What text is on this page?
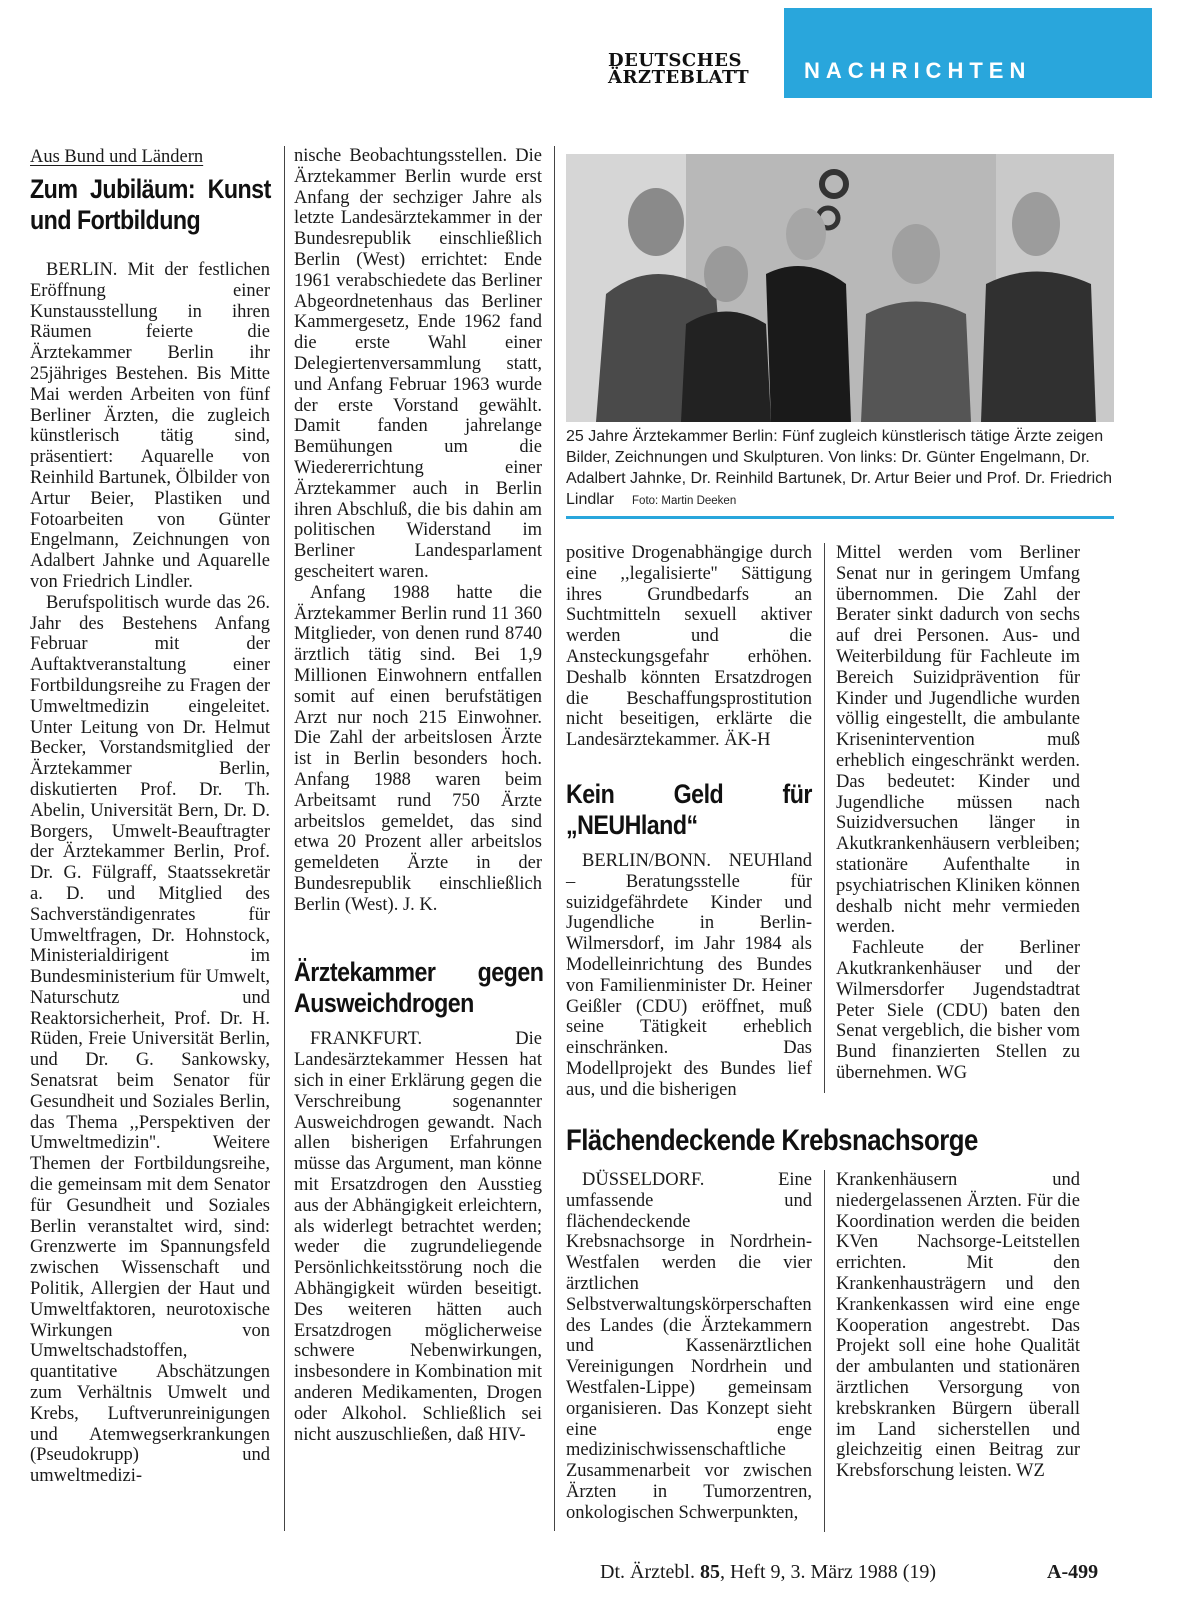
DEUTSCHES
ÄRZTEBLATT	NACHRICHTEN
Aus Bund und Ländern
Zum Jubiläum: Kunst und Fortbildung

BERLIN. Mit der festlichen Eröffnung einer Kunstausstellung in ihren Räumen feierte die Ärztekammer Berlin ihr 25jähriges Bestehen. Bis Mitte Mai werden Arbeiten von fünf Berliner Ärzten, die zugleich künstlerisch tätig sind, präsentiert: Aquarelle von Reinhild Bartunek, Ölbilder von Artur Beier, Plastiken und Fotoarbeiten von Günter Engelmann, Zeichnungen von Adalbert Jahnke und Aquarelle von Friedrich Lindler.

Berufspolitisch wurde das 26. Jahr des Bestehens Anfang Februar mit der Auftaktveranstaltung einer Fortbildungsreihe zu Fragen der Umweltmedizin eingeleitet. Unter Leitung von Dr. Helmut Becker, Vorstandsmitglied der Ärztekammer Berlin, diskutierten Prof. Dr. Th. Abelin, Universität Bern, Dr. D. Borgers, Umwelt-Beauftragter der Ärztekammer Berlin, Prof. Dr. G. Fülgraff, Staatssekretär a. D. und Mitglied des Sachverständigenrates für Umweltfragen, Dr. Hohnstock, Ministerialdirigent im Bundesministerium für Umwelt, Naturschutz und Reaktorsicherheit, Prof. Dr. H. Rüden, Freie Universität Berlin, und Dr. G. Sankowsky, Senatsrat beim Senator für Gesundheit und Soziales Berlin, das Thema ,,Perspektiven der Umweltmedizin''. Weitere Themen der Fortbildungsreihe, die gemeinsam mit dem Senator für Gesundheit und Soziales Berlin veranstaltet wird, sind: Grenzwerte im Spannungsfeld zwischen Wissenschaft und Politik, Allergien der Haut und Umweltfaktoren, neurotoxische Wirkungen von Umweltschadstoffen, quantitative Abschätzungen zum Verhältnis Umwelt und Krebs, Luftverunreinigungen und Atemwegserkrankungen (Pseudokrupp) und umweltmedizi-

nische Beobachtungsstellen. Die Ärztekammer Berlin wurde erst Anfang der sechziger Jahre als letzte Landesärztekammer in der Bundesrepublik einschließlich Berlin (West) errichtet: Ende 1961 verabschiedete das Berliner Abgeordnetenhaus das Berliner Kammergesetz, Ende 1962 fand die erste Wahl einer Delegiertenversammlung statt, und Anfang Februar 1963 wurde der erste Vorstand gewählt. Damit fanden jahrelange Bemühungen um die Wiedererrichtung einer Ärztekammer auch in Berlin ihren Abschluß, die bis dahin am politischen Widerstand im Berliner Landesparlament gescheitert waren.

Anfang 1988 hatte die Ärztekammer Berlin rund 11 360 Mitglieder, von denen rund 8740 ärztlich tätig sind. Bei 1,9 Millionen Einwohnern entfallen somit auf einen berufstätigen Arzt nur noch 215 Einwohner. Die Zahl der arbeitslosen Ärzte ist in Berlin besonders hoch. Anfang 1988 waren beim Arbeitsamt rund 750 Ärzte arbeitslos gemeldet, das sind etwa 20 Prozent aller arbeitslos gemeldeten Ärzte in der Bundesrepublik einschließlich Berlin (West). J. K.

Ärztekammer gegen Ausweichdrogen

FRANKFURT. Die Landesärztekammer Hessen hat sich in einer Erklärung gegen die Verschreibung sogenannter Ausweichdrogen gewandt. Nach allen bisherigen Erfahrungen müsse das Argument, man könne mit Ersatzdrogen den Ausstieg aus der Abhängigkeit erleichtern, als widerlegt betrachtet werden; weder die zugrundeliegende Persönlichkeitsstörung noch die Abhängigkeit würden beseitigt. Des weiteren hätten auch Ersatzdrogen möglicherweise schwere Nebenwirkungen, insbesondere in Kombination mit anderen Medikamenten, Drogen oder Alkohol. Schließlich sei nicht auszuschließen, daß HIV-

25 Jahre Ärztekammer Berlin: Fünf zugleich künstlerisch tätige Ärzte zeigen Bilder, Zeichnungen und Skulpturen. Von links: Dr. Günter Engelmann, Dr. Adalbert Jahnke, Dr. Reinhild Bartunek, Dr. Artur Beier und Prof. Dr. Friedrich Lindlar Foto: Martin Deeken

positive Drogenabhängige durch eine ,,legalisierte'' Sättigung ihres Grundbedarfs an Suchtmitteln sexuell aktiver werden und die Ansteckungsgefahr erhöhen. Deshalb könnten Ersatzdrogen die Beschaffungsprostitution nicht beseitigen, erklärte die Landesärztekammer. ÄK-H

Kein Geld für „NEUHland“

BERLIN/BONN. NEUHland – Beratungsstelle für suizidgefährdete Kinder und Jugendliche in Berlin-Wilmersdorf, im Jahr 1984 als Modelleinrichtung des Bundes von Familienminister Dr. Heiner Geißler (CDU) eröffnet, muß seine Tätigkeit erheblich einschränken. Das Modellprojekt des Bundes lief aus, und die bisherigen

Mittel werden vom Berliner Senat nur in geringem Umfang übernommen. Die Zahl der Berater sinkt dadurch von sechs auf drei Personen. Aus- und Weiterbildung für Fachleute im Bereich Suizidprävention für Kinder und Jugendliche wurden völlig eingestellt, die ambulante Krisenintervention muß erheblich eingeschränkt werden. Das bedeutet: Kinder und Jugendliche müssen nach Suizidversuchen länger in Akutkrankenhäusern verbleiben; stationäre Aufenthalte in psychiatrischen Kliniken können deshalb nicht mehr vermieden werden.

Fachleute der Berliner Akutkrankenhäuser und der Wilmersdorfer Jugendstadtrat Peter Siele (CDU) baten den Senat vergeblich, die bisher vom Bund finanzierten Stellen zu übernehmen. WG

Flächendeckende Krebsnachsorge

DÜSSELDORF. Eine umfassende und flächendeckende Krebsnachsorge in Nordrhein-Westfalen werden die vier ärztlichen Selbstverwaltungskörperschaften des Landes (die Ärztekammern und Kassenärztlichen Vereinigungen Nordrhein und Westfalen-Lippe) gemeinsam organisieren. Das Konzept sieht eine enge medizinischwissenschaftliche Zusammenarbeit vor zwischen Ärzten in Tumorzentren, onkologischen Schwerpunkten,

Krankenhäusern und niedergelassenen Ärzten. Für die Koordination werden die beiden KVen Nachsorge-Leitstellen errichten. Mit den Krankenhausträgern und den Krankenkassen wird eine enge Kooperation angestrebt. Das Projekt soll eine hohe Qualität der ambulanten und stationären ärztlichen Versorgung von krebskranken Bürgern überall im Land sicherstellen und gleichzeitig einen Beitrag zur Krebsforschung leisten. WZ

Dt. Ärztebl. 85, Heft 9, 3. März 1988 (19)	A-499
